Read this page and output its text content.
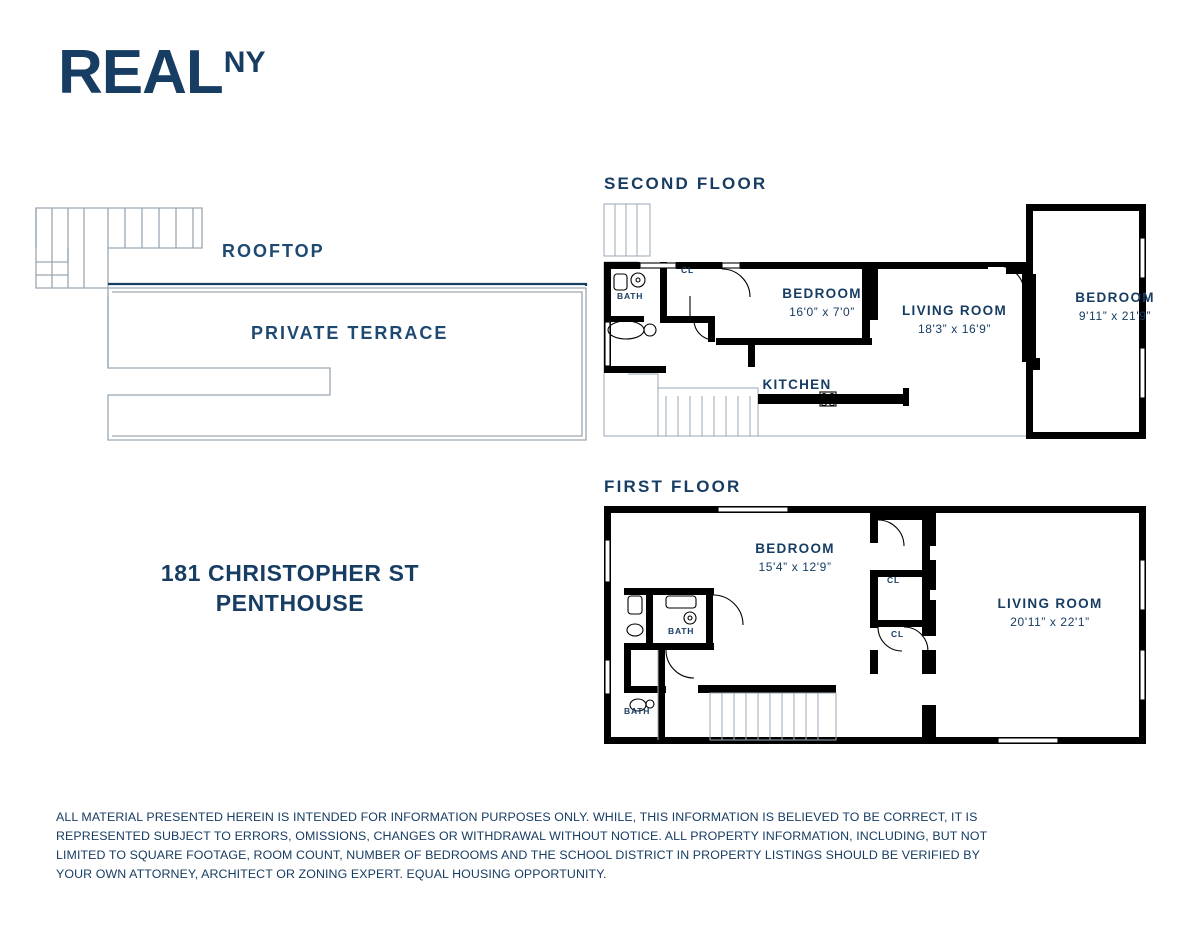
REAL NY
SECOND FLOOR
FIRST FLOOR
ROOFTOP
PRIVATE TERRACE
181 CHRISTOPHER ST
PENTHOUSE
BEDROOM
16'0” x 7'0”	LIVING ROOM
18'3” x 16'9”
BEDROOM
9'11” x 21'9”
KITCHEN
CL
BATH
BEDROOM
15'4” x 12'9”
LIVING ROOM
20'11” x 22'1”
CL
CL
BATH
BATH
ALL MATERIAL PRESENTED HEREIN IS INTENDED FOR INFORMATION PURPOSES ONLY. WHILE, THIS INFORMATION IS BELIEVED TO BE CORRECT, IT IS REPRESENTED SUBJECT TO ERRORS, OMISSIONS, CHANGES OR WITHDRAWAL WITHOUT NOTICE. ALL PROPERTY INFORMATION, INCLUDING, BUT NOT LIMITED TO SQUARE FOOTAGE, ROOM COUNT, NUMBER OF BEDROOMS AND THE SCHOOL DISTRICT IN PROPERTY LISTINGS SHOULD BE VERIFIED BY YOUR OWN ATTORNEY, ARCHITECT OR ZONING EXPERT. EQUAL HOUSING OPPORTUNITY.
